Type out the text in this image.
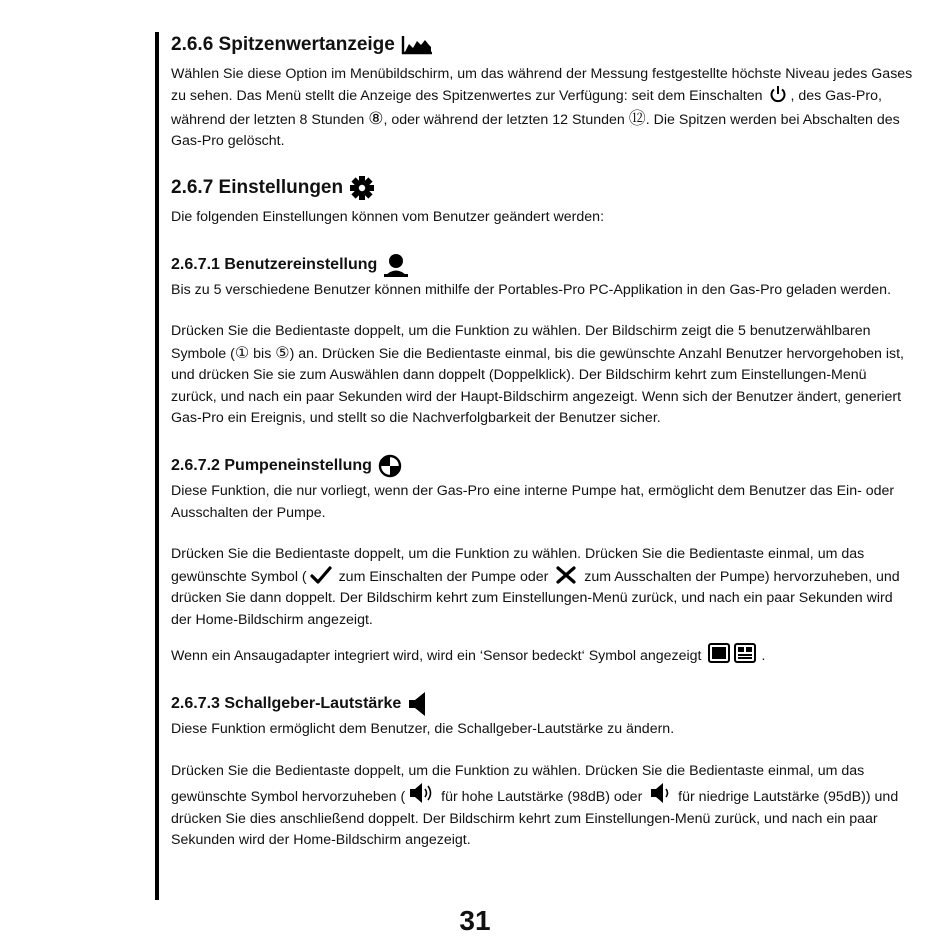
2.6.6 Spitzenwertanzeige

Wählen Sie diese Option im Menübildschirm, um das während der Messung festgestellte höchste Niveau jedes Gases zu sehen. Das Menü stellt die Anzeige des Spitzenwertes zur Verfügung: seit dem Einschalten , des Gas-Pro, während der letzten 8 Stunden ⑧, oder während der letzten 12 Stunden ⑫. Die Spitzen werden bei Abschalten des Gas-Pro gelöscht.

2.6.7 Einstellungen

Die folgenden Einstellungen können vom Benutzer geändert werden:

2.6.7.1 Benutzereinstellung

Bis zu 5 verschiedene Benutzer können mithilfe der Portables-Pro PC-Applikation in den Gas-Pro geladen werden.

Drücken Sie die Bedientaste doppelt, um die Funktion zu wählen. Der Bildschirm zeigt die 5 benutzerwählbaren Symbole (① bis ⑤) an. Drücken Sie die Bedientaste einmal, bis die gewünschte Anzahl Benutzer hervorgehoben ist, und drücken Sie sie zum Auswählen dann doppelt (Doppelklick). Der Bildschirm kehrt zum Einstellungen-Menü zurück, und nach ein paar Sekunden wird der Haupt-Bildschirm angezeigt. Wenn sich der Benutzer ändert, generiert Gas-Pro ein Ereignis, und stellt so die Nachverfolgbarkeit der Benutzer sicher.

2.6.7.2 Pumpeneinstellung

Diese Funktion, die nur vorliegt, wenn der Gas-Pro eine interne Pumpe hat, ermöglicht dem Benutzer das Ein- oder Ausschalten der Pumpe.

Drücken Sie die Bedientaste doppelt, um die Funktion zu wählen. Drücken Sie die Bedientaste einmal, um das gewünschte Symbol ( zum Einschalten der Pumpe oder  zum Ausschalten der Pumpe) hervorzuheben, und drücken Sie dann doppelt. Der Bildschirm kehrt zum Einstellungen-Menü zurück, und nach ein paar Sekunden wird der Home-Bildschirm angezeigt.

Wenn ein Ansaugadapter integriert wird, wird ein ‘Sensor bedeckt‘ Symbol angezeigt	.

2.6.7.3 Schallgeber-Lautstärke

Diese Funktion ermöglicht dem Benutzer, die Schallgeber-Lautstärke zu ändern.

Drücken Sie die Bedientaste doppelt, um die Funktion zu wählen. Drücken Sie die Bedientaste einmal, um das gewünschte Symbol hervorzuheben ( für hohe Lautstärke (98dB) oder  für niedrige Lautstärke (95dB)) und drücken Sie dies anschließend doppelt. Der Bildschirm kehrt zum Einstellungen-Menü zurück, und nach ein paar Sekunden wird der Home-Bildschirm angezeigt.

31
